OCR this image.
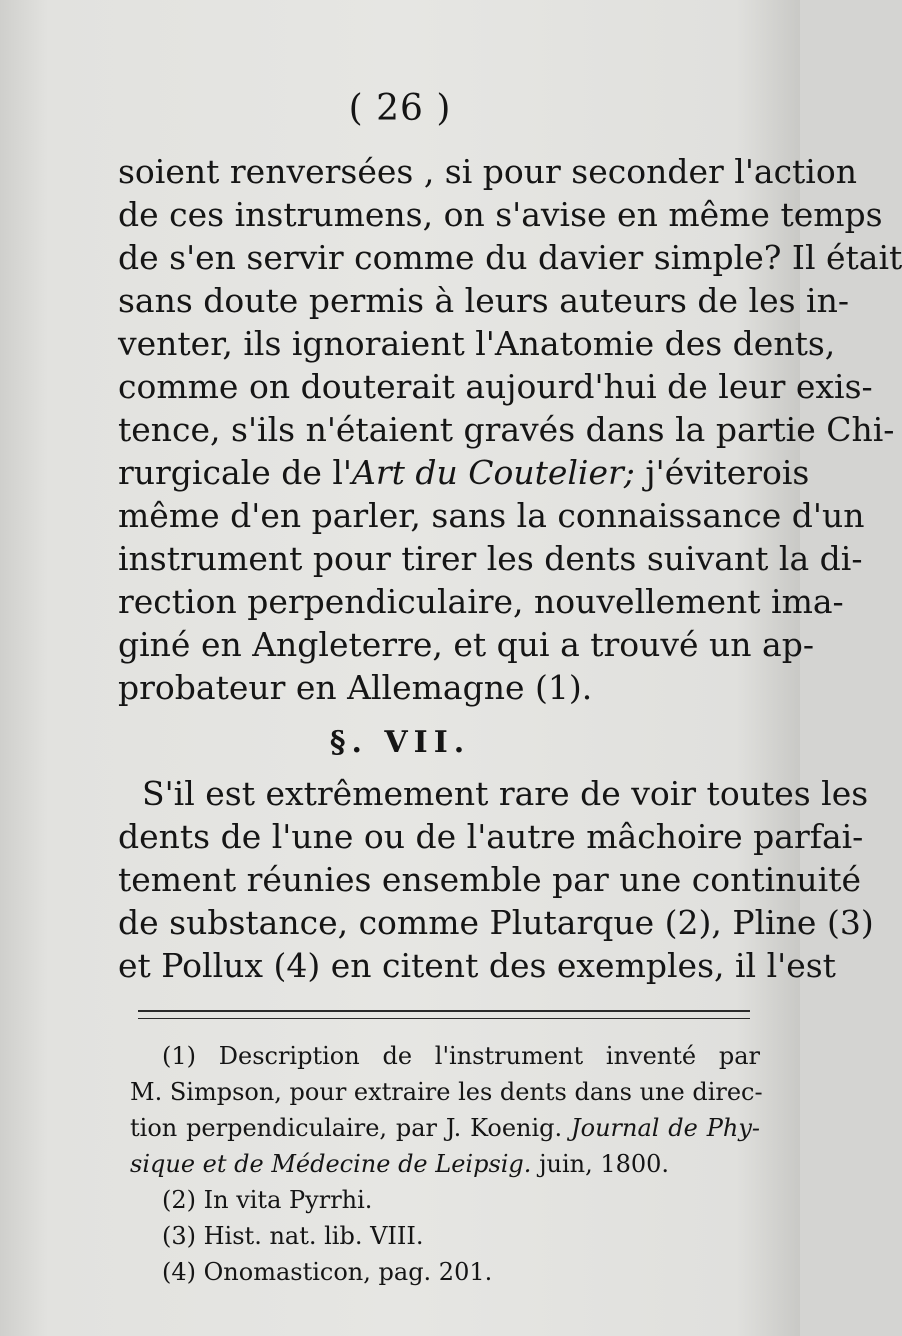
( 26 )
soient renversées , si pour seconder l'action
de ces instrumens, on s'avise en même temps
de s'en servir comme du davier simple? Il était
sans doute permis à leurs auteurs de les in-
venter, ils ignoraient l'Anatomie des dents,
comme on douterait aujourd'hui de leur exis-
tence, s'ils n'étaient gravés dans la partie Chi-
rurgicale de l'Art du Coutelier; j'éviterois
même d'en parler, sans la connaissance d'un
instrument pour tirer les dents suivant la di-
rection perpendiculaire, nouvellement ima-
giné en Angleterre, et qui a trouvé un ap-
probateur en Allemagne (1).
§. VII.
S'il est extrêmement rare de voir toutes les
dents de l'une ou de l'autre mâchoire parfai-
tement réunies ensemble par une continuité
de substance, comme Plutarque (2), Pline (3)
et Pollux (4) en citent des exemples, il l'est
(1) Description de l'instrument inventé par
M. Simpson, pour extraire les dents dans une direc-
tion perpendiculaire, par J. Koenig. Journal de Phy-
sique et de Médecine de Leipsig. juin, 1800.
(2) In vita Pyrrhi.
(3) Hist. nat. lib. VIII.
(4) Onomasticon, pag. 201.
